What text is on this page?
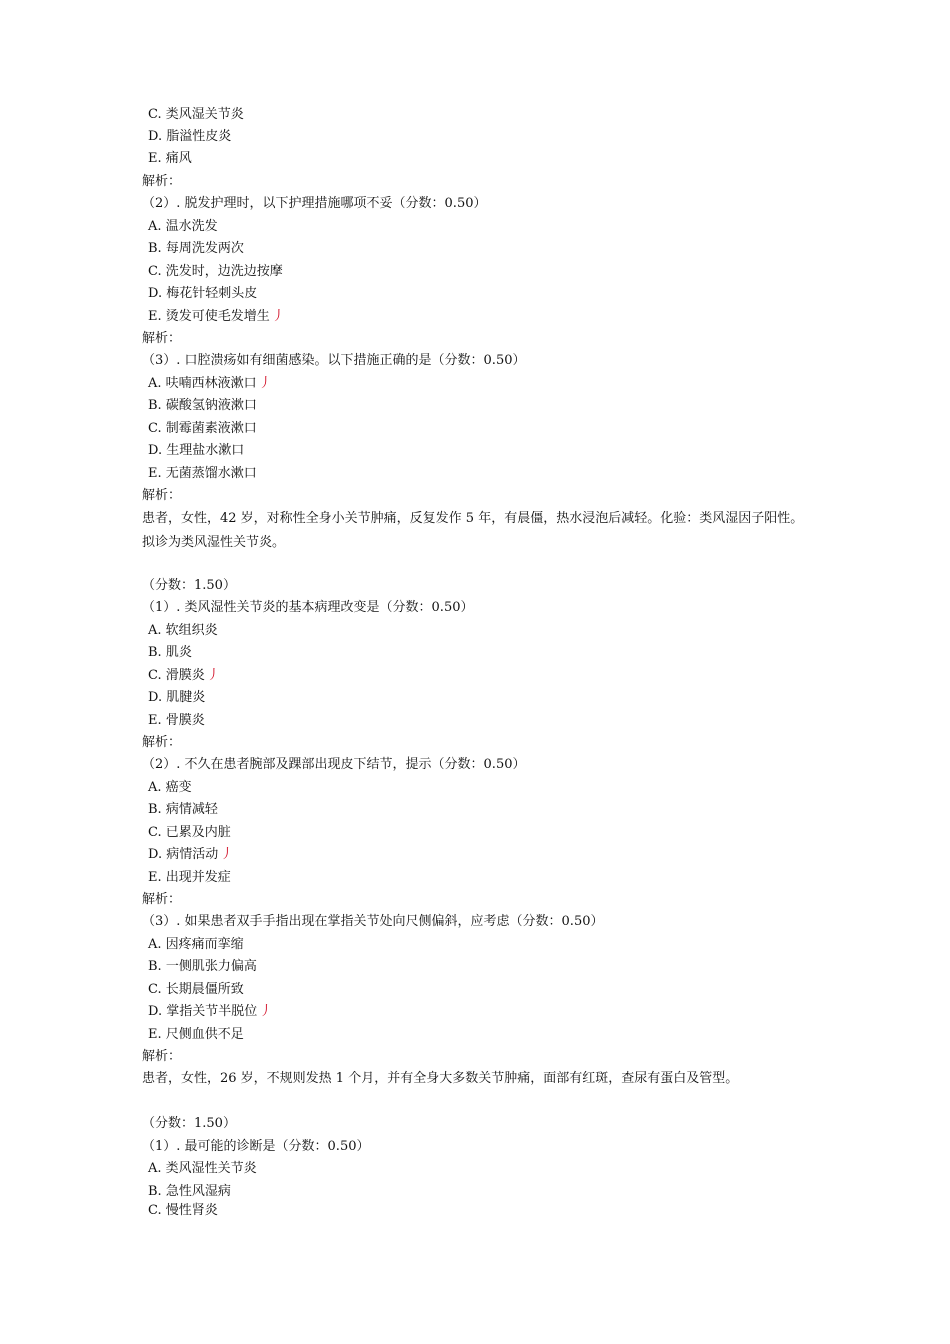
C. 类风湿关节炎
D. 脂溢性皮炎
E. 痛风
解析：
（2）. 脱发护理时，以下护理措施哪项不妥（分数：0.50）
A. 温水洗发
B. 每周洗发两次
C. 洗发时，边洗边按摩
D. 梅花针轻刺头皮
E. 烫发可使毛发增生 丿
解析：
（3）. 口腔溃疡如有细菌感染。以下措施正确的是（分数：0.50）
A. 呋喃西林液漱口 丿
B. 碳酸氢钠液漱口
C. 制霉菌素液漱口
D. 生理盐水漱口
E. 无菌蒸馏水漱口
解析：
患者，女性，42 岁，对称性全身小关节肿痛，反复发作 5 年，有晨僵，热水浸泡后减轻。化验：类风湿因子阳性。拟诊为类风湿性关节炎。
（分数：1.50）
（1）. 类风湿性关节炎的基本病理改变是（分数：0.50）
A. 软组织炎
B. 肌炎
C. 滑膜炎 丿
D. 肌腱炎
E. 骨膜炎
解析：
（2）. 不久在患者腕部及踝部出现皮下结节，提示（分数：0.50）
A. 癌变
B. 病情减轻
C. 已累及内脏
D. 病情活动 丿
E. 出现并发症
解析：
（3）. 如果患者双手手指出现在掌指关节处向尺侧偏斜，应考虑（分数：0.50）
A. 因疼痛而挛缩
B. 一侧肌张力偏高
C. 长期晨僵所致
D. 掌指关节半脱位 丿
E. 尺侧血供不足
解析：
患者，女性，26 岁，不规则发热 1 个月，并有全身大多数关节肿痛，面部有红斑，查尿有蛋白及管型。
（分数：1.50）
（1）. 最可能的诊断是（分数：0.50）
A. 类风湿性关节炎
B. 急性风湿病
C. 慢性肾炎
